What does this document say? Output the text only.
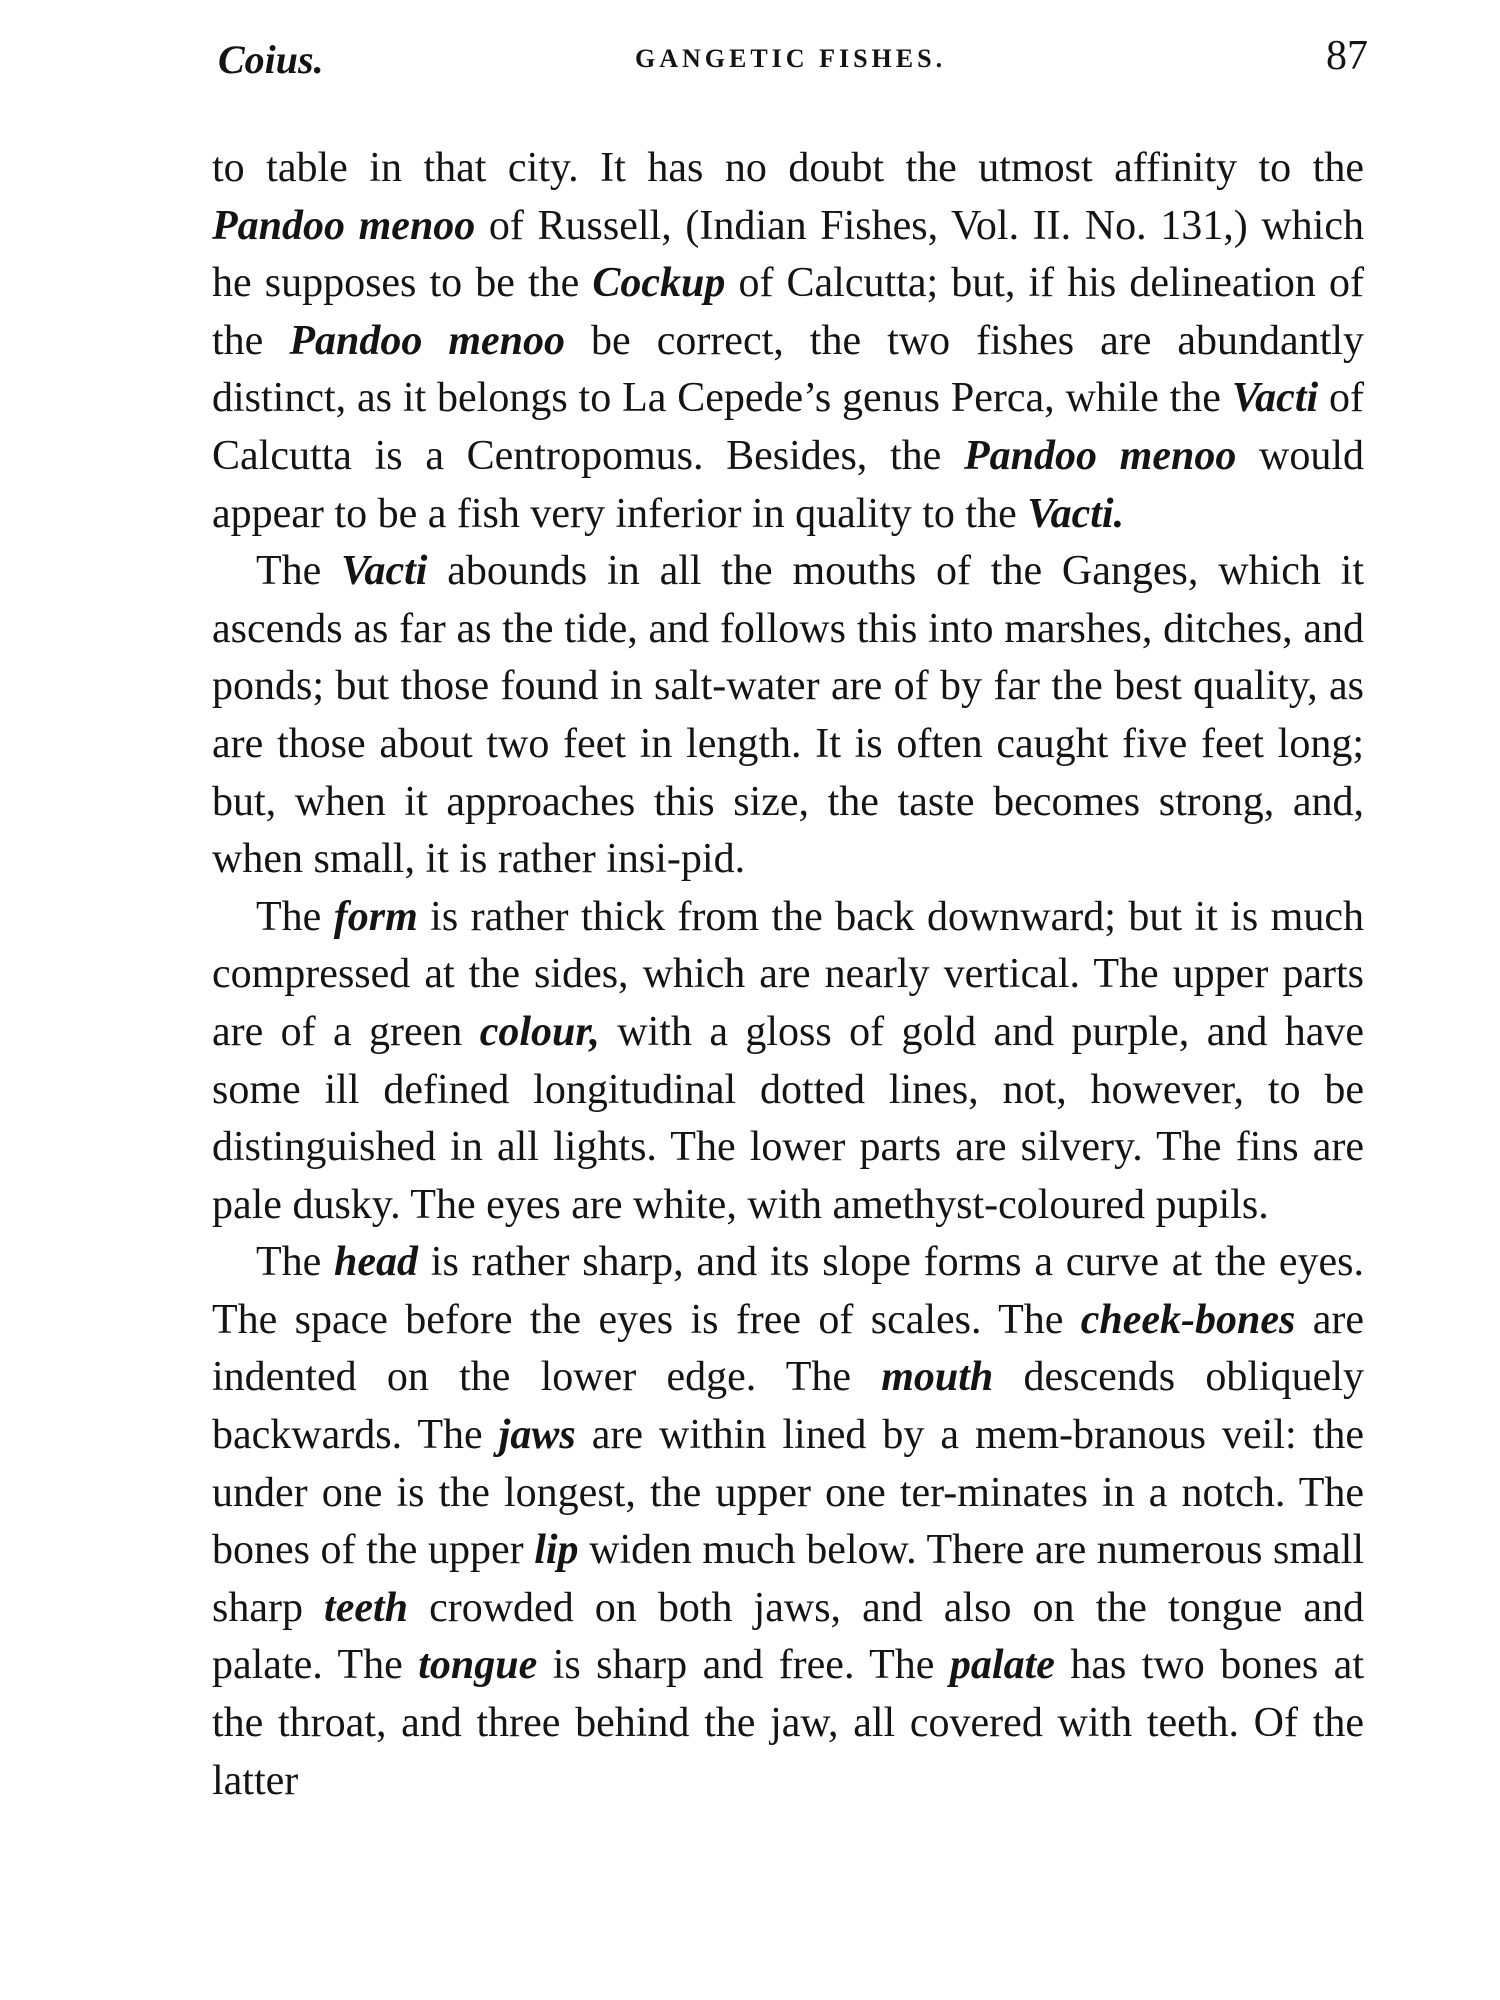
Coius.	GANGETIC FISHES.	87

to table in that city. It has no doubt the utmost affinity to the Pandoo menoo of Russell, (Indian Fishes, Vol. II. No. 131,) which he supposes to be the Cockup of Calcutta; but, if his delineation of the Pandoo menoo be correct, the two fishes are abundantly distinct, as it belongs to La Cepede’s genus Perca, while the Vacti of Calcutta is a Centropomus. Besides, the Pandoo menoo would appear to be a fish very inferior in quality to the Vacti.

The Vacti abounds in all the mouths of the Ganges, which it ascends as far as the tide, and follows this into marshes, ditches, and ponds; but those found in salt-water are of by far the best quality, as are those about two feet in length. It is often caught five feet long; but, when it approaches this size, the taste becomes strong, and, when small, it is rather insi-pid.

The form is rather thick from the back downward; but it is much compressed at the sides, which are nearly vertical. The upper parts are of a green colour, with a gloss of gold and purple, and have some ill defined longitudinal dotted lines, not, however, to be distinguished in all lights. The lower parts are silvery. The fins are pale dusky. The eyes are white, with amethyst-coloured pupils.

The head is rather sharp, and its slope forms a curve at the eyes. The space before the eyes is free of scales. The cheek-bones are indented on the lower edge. The mouth descends obliquely backwards. The jaws are within lined by a mem-branous veil: the under one is the longest, the upper one ter-minates in a notch. The bones of the upper lip widen much below. There are numerous small sharp teeth crowded on both jaws, and also on the tongue and palate. The tongue is sharp and free. The palate has two bones at the throat, and three behind the jaw, all covered with teeth. Of the latter
